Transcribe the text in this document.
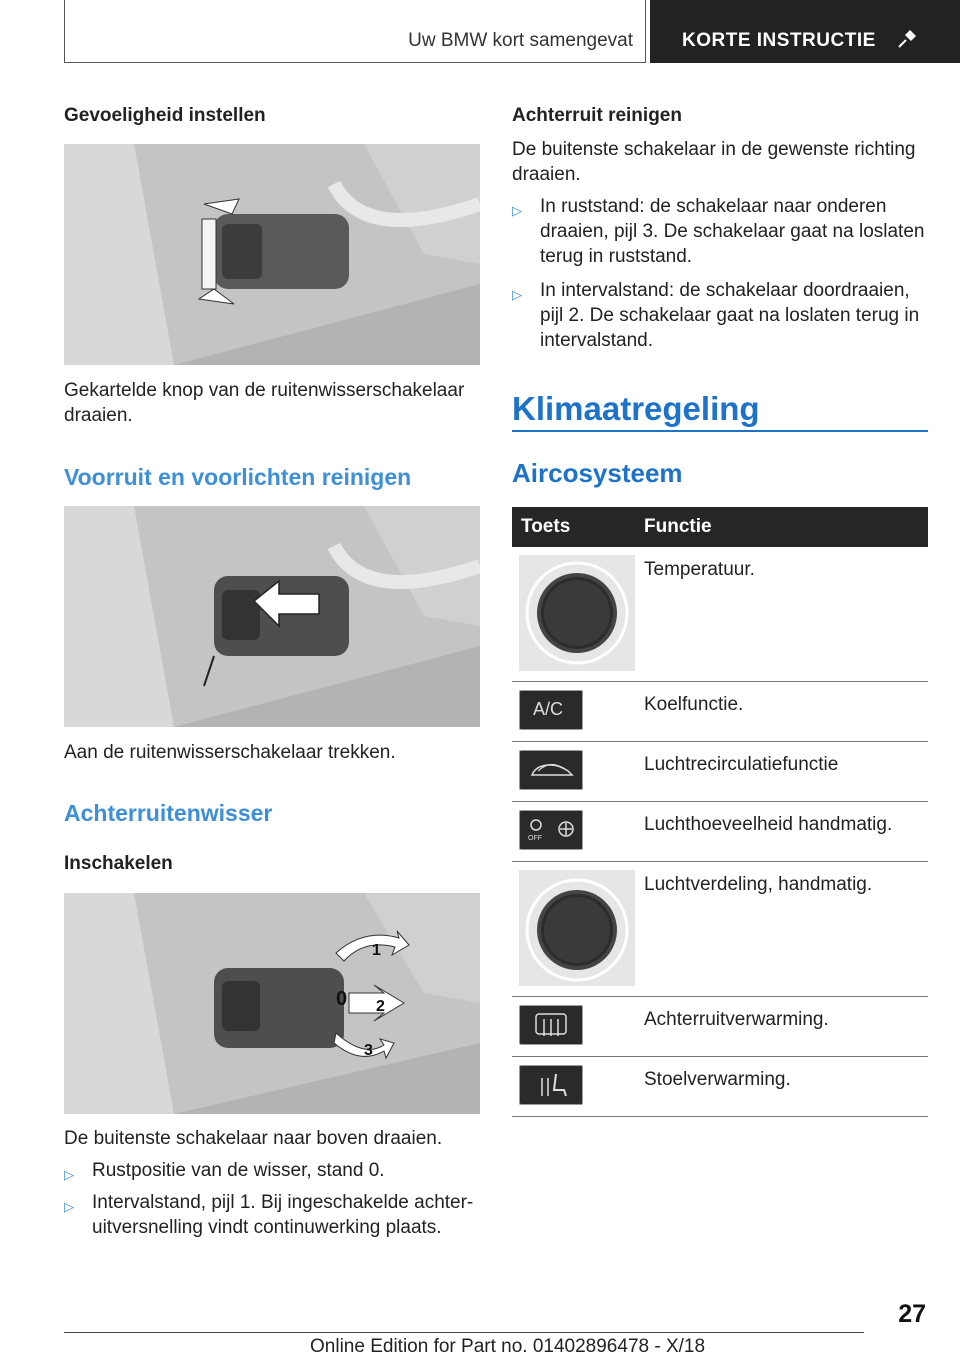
Uw BMW kort samengevat	KORTE INSTRUCTIE
Gevoeligheid instellen
Gekartelde knop van de ruitenwisserschakelaar draaien.
Voorruit en voorlichten reinigen
Aan de ruitenwisserschakelaar trekken.
Achterruitenwisser
Inschakelen
0
1
2
3
De buitenste schakelaar naar boven draaien.
▷ Rustpositie van de wisser, stand 0.
▷ Intervalstand, pijl 1. Bij ingeschakelde achter-uitversnelling vindt continuwerking plaats.
Achterruit reinigen
De buitenste schakelaar in de gewenste richting draaien.
▷ In ruststand: de schakelaar naar onderen draaien, pijl 3. De schakelaar gaat na loslaten terug in ruststand.
▷ In intervalstand: de schakelaar doordraaien, pijl 2. De schakelaar gaat na loslaten terug in intervalstand.
Klimaatregeling
Aircosysteem
Toets	Functie
Temperatuur.
A/C	Koelfunctie.
Luchtrecirculatiefunctie
OFF
Luchthoeveelheid handmatig.
Luchtverdeling, handmatig.
Achterruitverwarming.
Stoelverwarming.
27
Online Edition for Part no. 01402896478 - X/18
